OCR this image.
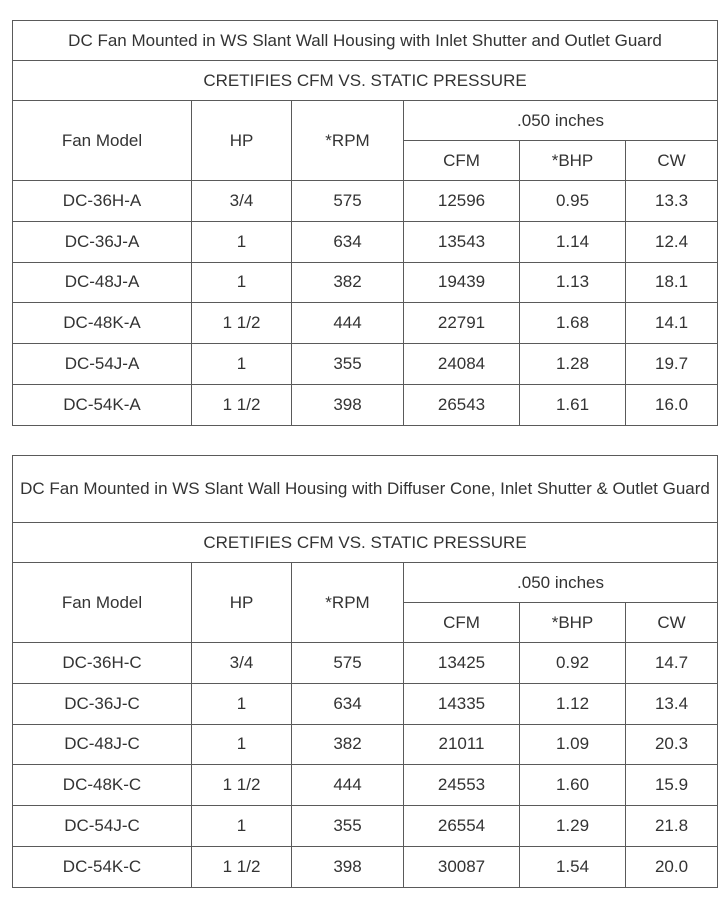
DC Fan Mounted in WS Slant Wall Housing with Inlet Shutter and Outlet Guard					
CRETIFIES CFM VS. STATIC PRESSURE					
Fan Model	HP	*RPM	.050 inches		
			CFM	*BHP	CW
DC-36H-A	3/4	575	12596	0.95	13.3
DC-36J-A	1	634	13543	1.14	12.4
DC-48J-A	1	382	19439	1.13	18.1
DC-48K-A	1 1/2	444	22791	1.68	14.1
DC-54J-A	1	355	24084	1.28	19.7
DC-54K-A	1 1/2	398	26543	1.61	16.0
DC Fan Mounted in WS Slant Wall Housing with Diffuser Cone, Inlet Shutter & Outlet Guard					
CRETIFIES CFM VS. STATIC PRESSURE					
Fan Model	HP	*RPM	.050 inches		
			CFM	*BHP	CW
DC-36H-C	3/4	575	13425	0.92	14.7
DC-36J-C	1	634	14335	1.12	13.4
DC-48J-C	1	382	21011	1.09	20.3
DC-48K-C	1 1/2	444	24553	1.60	15.9
DC-54J-C	1	355	26554	1.29	21.8
DC-54K-C	1 1/2	398	30087	1.54	20.0
